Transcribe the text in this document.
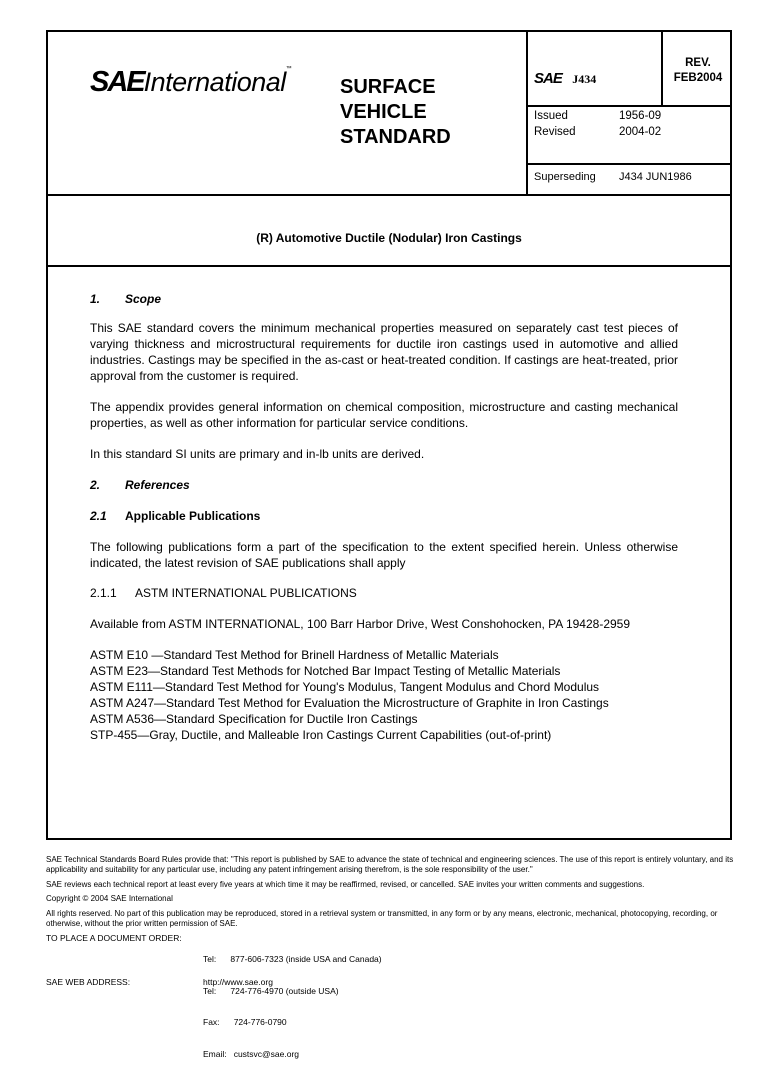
SAEInternational™
SURFACE
VEHICLE
STANDARD
SAE J434
REV.
FEB2004
Issued	1956-09
Revised	2004-02
Superseding J434 JUN1986
(R) Automotive Ductile (Nodular) Iron Castings
1. Scope
This SAE standard covers the minimum mechanical properties measured on separately cast test pieces of varying thickness and microstructural requirements for ductile iron castings used in automotive and allied industries. Castings may be specified in the as-cast or heat-treated condition. If castings are heat-treated, prior approval from the customer is required.
The appendix provides general information on chemical composition, microstructure and casting mechanical properties, as well as other information for particular service conditions.
In this standard SI units are primary and in-lb units are derived.
2. References
2.1 Applicable Publications
The following publications form a part of the specification to the extent specified herein. Unless otherwise indicated, the latest revision of SAE publications shall apply
2.1.1 ASTM INTERNATIONAL PUBLICATIONS
Available from ASTM INTERNATIONAL, 100 Barr Harbor Drive, West Conshohocken, PA 19428-2959
ASTM E10 —Standard Test Method for Brinell Hardness of Metallic Materials
ASTM E23—Standard Test Methods for Notched Bar Impact Testing of Metallic Materials
ASTM E111—Standard Test Method for Young's Modulus, Tangent Modulus and Chord Modulus
ASTM A247—Standard Test Method for Evaluation the Microstructure of Graphite in Iron Castings
ASTM A536—Standard Specification for Ductile Iron Castings
STP-455—Gray, Ductile, and Malleable Iron Castings Current Capabilities (out-of-print)
SAE Technical Standards Board Rules provide that: "This report is published by SAE to advance the state of technical and engineering sciences. The use of this report is entirely voluntary, and its applicability and suitability for any particular use, including any patent infringement arising therefrom, is the sole responsibility of the user."
SAE reviews each technical report at least every five years at which time it may be reaffirmed, revised, or cancelled. SAE invites your written comments and suggestions.
Copyright © 2004 SAE International
All rights reserved. No part of this publication may be reproduced, stored in a retrieval system or transmitted, in any form or by any means, electronic, mechanical, photocopying, recording, or otherwise, without the prior written permission of SAE.
TO PLACE A DOCUMENT ORDER:

Tel:      877-606-7323 (inside USA and Canada)

Tel:      724-776-4970 (outside USA)

Fax:      724-776-0790

Email:   custsvc@sae.org

SAE WEB ADDRESS:	http://www.sae.org
